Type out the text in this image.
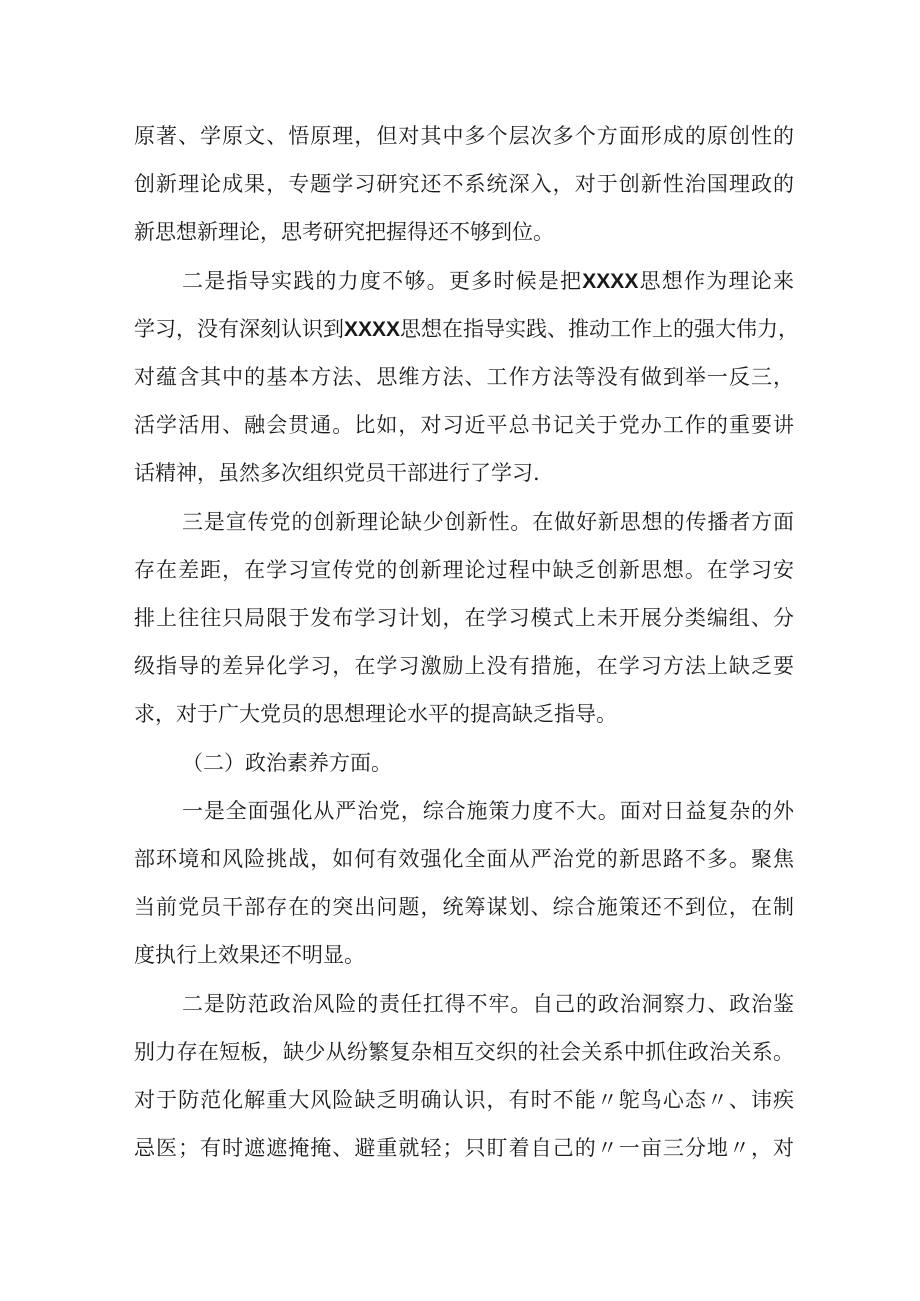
原著、学原文、悟原理，但对其中多个层次多个方面形成的原创性的
创新理论成果，专题学习研究还不系统深入，对于创新性治国理政的
新思想新理论，思考研究把握得还不够到位。
二是指导实践的力度不够。更多时候是把XXXX思想作为理论来
学习，没有深刻认识到XXXX思想在指导实践、推动工作上的强大伟力，
对蕴含其中的基本方法、思维方法、工作方法等没有做到举一反三，
活学活用、融会贯通。比如，对习近平总书记关于党办工作的重要讲
话精神，虽然多次组织党员干部进行了学习.
三是宣传党的创新理论缺少创新性。在做好新思想的传播者方面
存在差距，在学习宣传党的创新理论过程中缺乏创新思想。在学习安
排上往往只局限于发布学习计划，在学习模式上未开展分类编组、分
级指导的差异化学习，在学习激励上没有措施，在学习方法上缺乏要
求，对于广大党员的思想理论水平的提高缺乏指导。
（二）政治素养方面。
一是全面强化从严治党，综合施策力度不大。面对日益复杂的外
部环境和风险挑战，如何有效强化全面从严治党的新思路不多。聚焦
当前党员干部存在的突出问题，统筹谋划、综合施策还不到位，在制
度执行上效果还不明显。
二是防范政治风险的责任扛得不牢。自己的政治洞察力、政治鉴
别力存在短板，缺少从纷繁复杂相互交织的社会关系中抓住政治关系。
对于防范化解重大风险缺乏明确认识，有时不能〃鸵鸟心态〃、讳疾
忌医；有时遮遮掩掩、避重就轻；只盯着自己的〃一亩三分地〃，对
